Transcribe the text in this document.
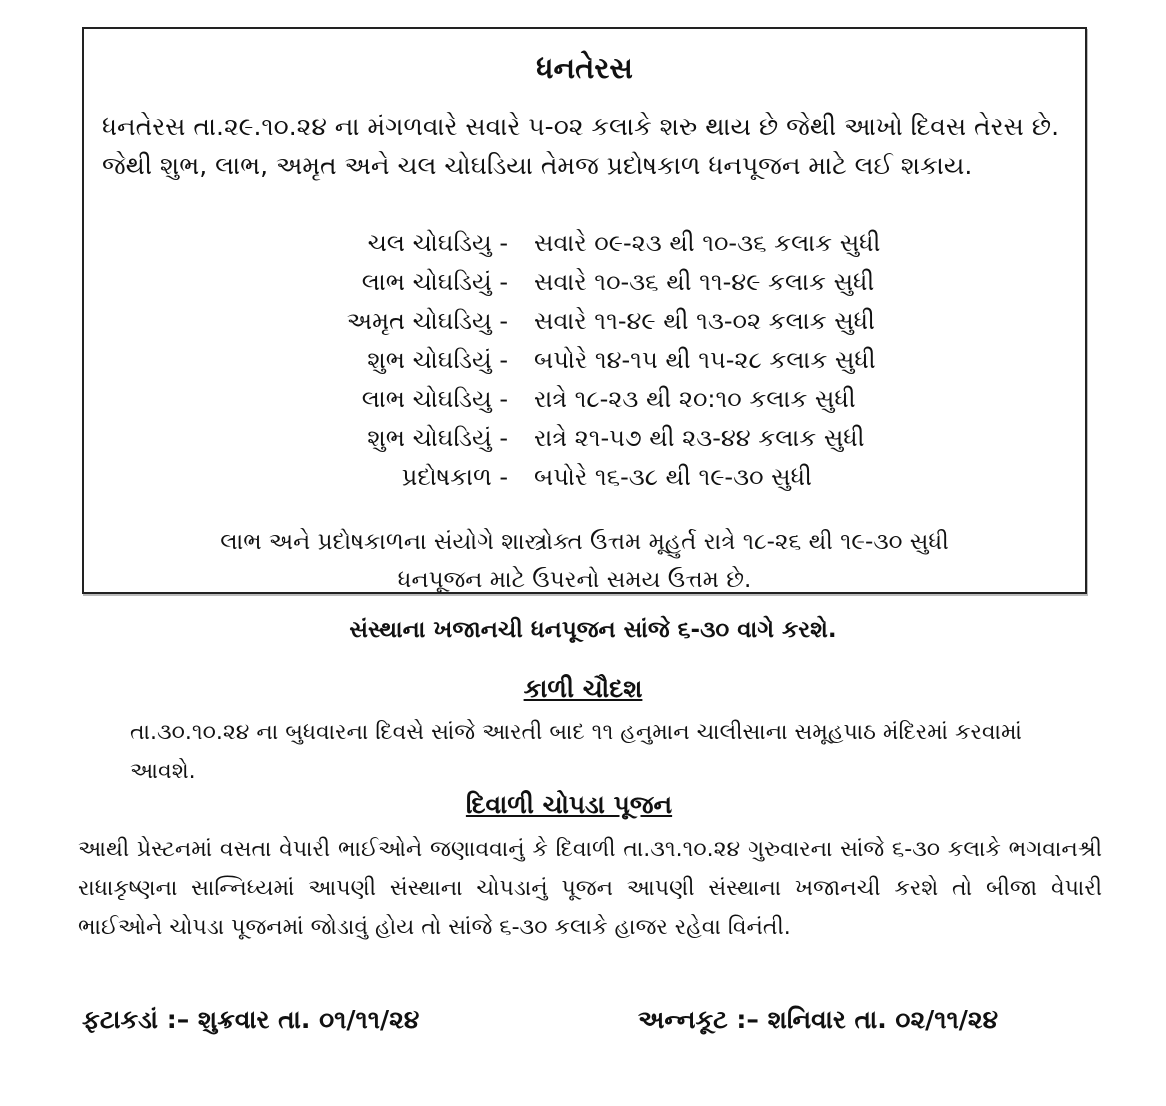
ધનતેરસ
ધનતેરસ તા.૨૯.૧૦.૨૪ ના મંગળવારે સવારે ૫-૦૨ કલાકે શરુ થાય છે જેથી આખો દિવસ તેરસ છે. જેથી શુભ, લાભ, અમૃત અને ચલ ચોઘડિયા તેમજ પ્રદોષકાળ ધનપૂજન માટે લઈ શકાય.
ચલ ચોઘડિયુ - સવારે ૦૯-૨૩ થી ૧૦-૩૬ કલાક સુધી
લાભ ચોઘડિયું - સવારે ૧૦-૩૬ થી ૧૧-૪૯ કલાક સુધી
અમૃત ચોઘડિયુ - સવારે ૧૧-૪૯ થી ૧૩-૦૨ કલાક સુધી
શુભ ચોઘડિયું - બપોરે ૧૪-૧૫ થી ૧૫-૨૮ કલાક સુધી
લાભ ચોઘડિયુ - રાત્રે ૧૮-૨૩ થી ૨૦:૧૦ કલાક સુધી
શુભ ચોઘડિયું - રાત્રે ૨૧-૫૭ થી ૨૩-૪૪ કલાક સુધી
પ્રદોષકાળ - બપોરે ૧૬-૩૮ થી ૧૯-૩૦ સુધી
લાભ અને પ્રદોષકાળના સંયોગે શાસ્ત્રોક્ત ઉત્તમ મૂહુર્ત રાત્રે ૧૮-૨૬ થી ૧૯-૩૦ સુધી
ધનપૂજન માટે ઉપરનો સમય ઉત્તમ છે.
સંસ્થાના ખજાનચી ધનપૂજન સાંજે ૬-૩૦ વાગે કરશે.
કાળી ચૌદશ
તા.૩૦.૧૦.૨૪ ના બુધવારના દિવસે સાંજે આરતી બાદ ૧૧ હનુમાન ચાલીસાના સમૂહપાઠ મંદિરમાં કરવામાં આવશે.
દિવાળી ચોપડા પૂજન
આથી પ્રેસ્ટનમાં વસતા વેપારી ભાઈઓને જણાવવાનું કે દિવાળી તા.૩૧.૧૦.૨૪ ગુરુવારના સાંજે ૬-૩૦ કલાકે ભગવાનશ્રી રાધાકૃષ્ણના સાન્નિધ્યમાં આપણી સંસ્થાના ચોપડાનું પૂજન આપણી સંસ્થાના ખજાનચી કરશે તો બીજા વેપારી ભાઈઓને ચોપડા પૂજનમાં જોડાવું હોય તો સાંજે ૬-૩૦ કલાકે હાજર રહેવા વિનંતી.
ફટાકડાં :– શુક્રવાર તા. ૦૧/૧૧/૨૪	અન્નકૂટ :– શનિવાર તા. ૦૨/૧૧/૨૪
